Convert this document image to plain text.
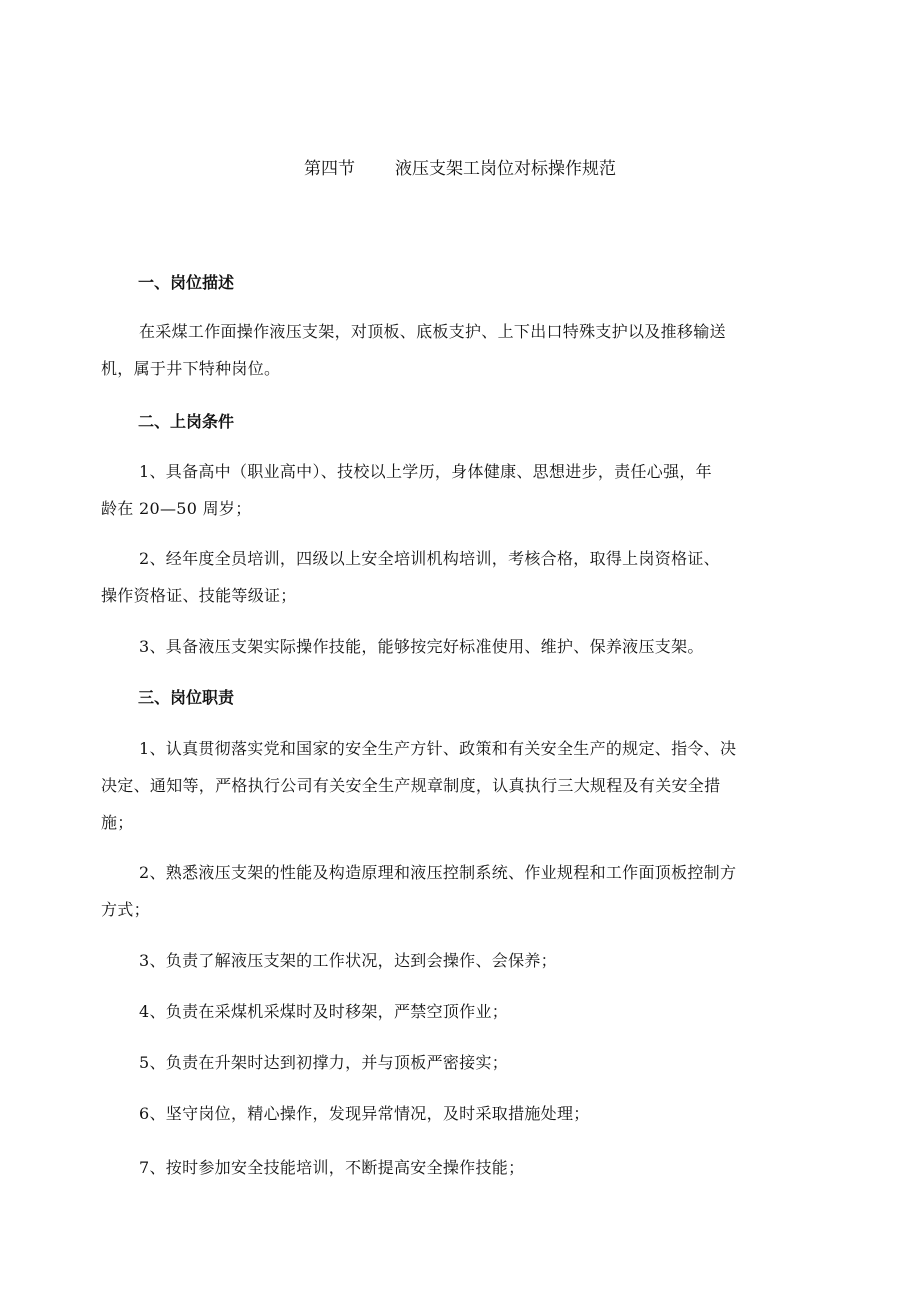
第四节 液压支架工岗位对标操作规范
一、岗位描述
在采煤工作面操作液压支架，对顶板、底板支护、上下出口特殊支护以及推移输送
机，属于井下特种岗位。
二、上岗条件
1、具备高中（职业高中）、技校以上学历，身体健康、思想进步，责任心强，年
龄在 20—50 周岁；
2、经年度全员培训，四级以上安全培训机构培训，考核合格，取得上岗资格证、
操作资格证、技能等级证；
3、具备液压支架实际操作技能，能够按完好标准使用、维护、保养液压支架。
三、岗位职责
1、认真贯彻落实党和国家的安全生产方针、政策和有关安全生产的规定、指令、决
决定、通知等，严格执行公司有关安全生产规章制度，认真执行三大规程及有关安全措
施；
2、熟悉液压支架的性能及构造原理和液压控制系统、作业规程和工作面顶板控制方
方式；
3、负责了解液压支架的工作状况，达到会操作、会保养；
4、负责在采煤机采煤时及时移架，严禁空顶作业；
5、负责在升架时达到初撑力，并与顶板严密接实；
6、坚守岗位，精心操作，发现异常情况，及时采取措施处理；
7、按时参加安全技能培训，不断提高安全操作技能；
